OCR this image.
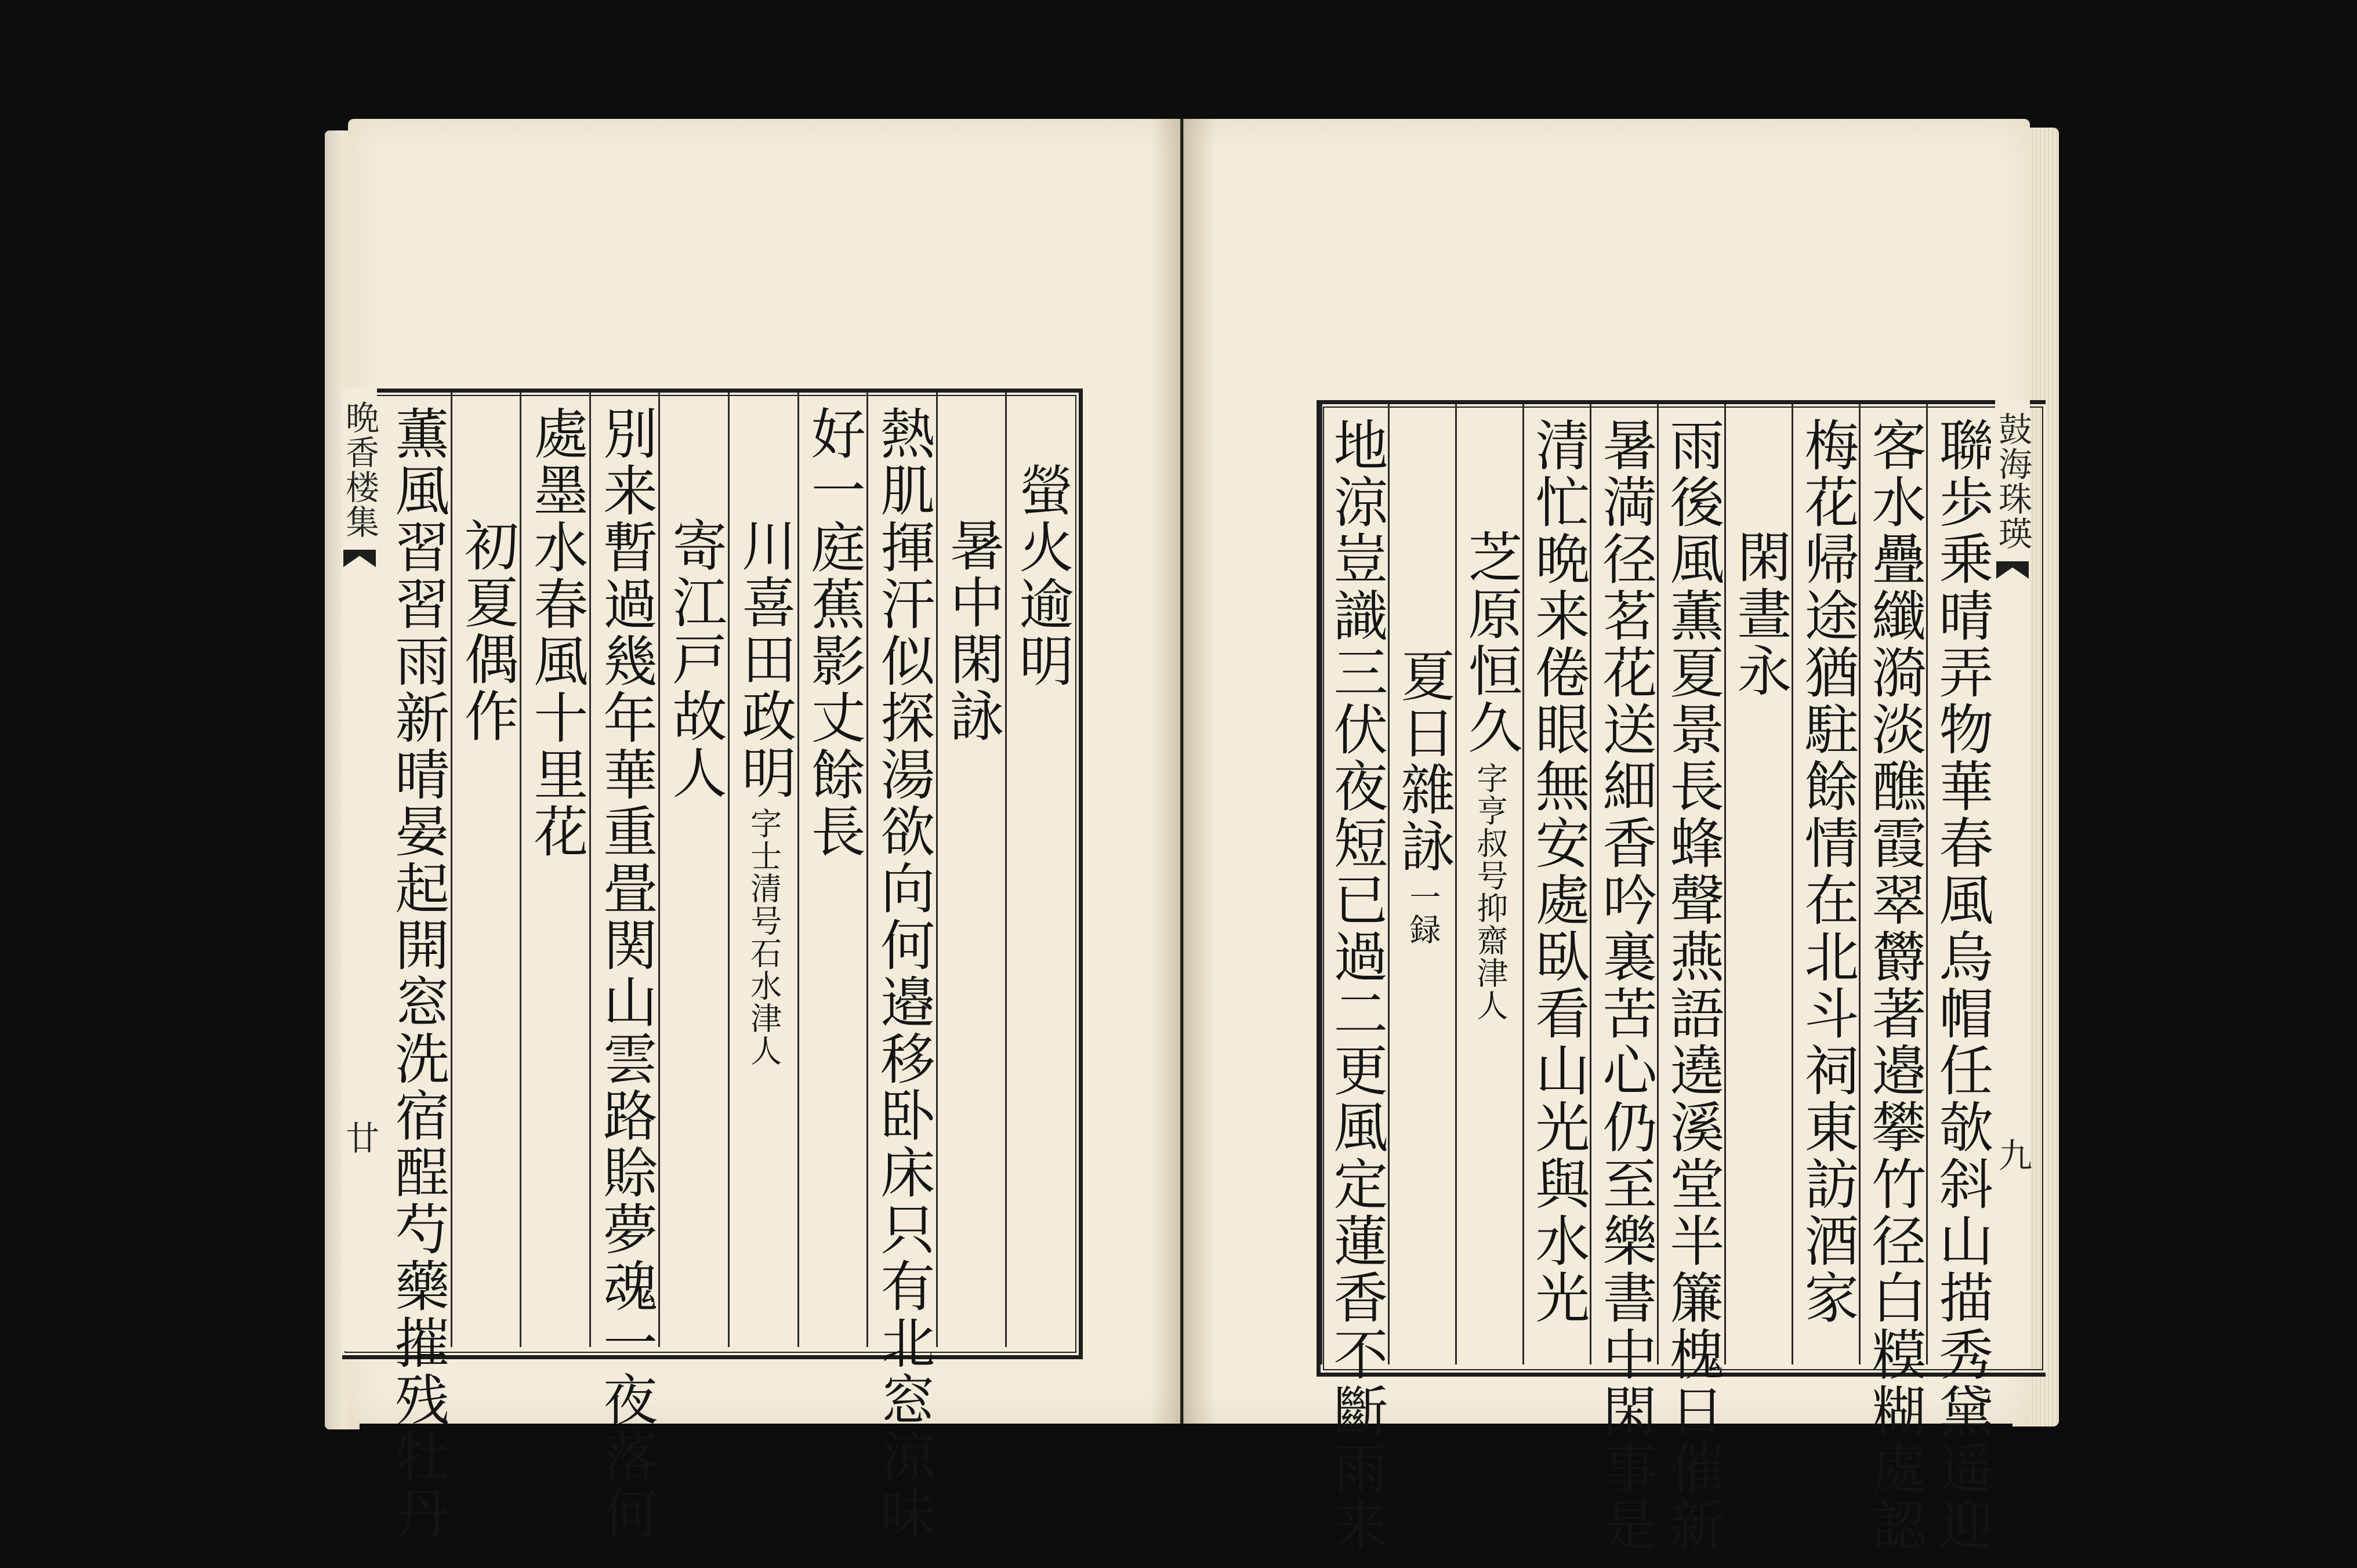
晩香楼集
廿
螢火逾明
暑中閑詠
熱肌揮汗似探湯欲向何邉移卧床只有北窓涼味
好一庭蕉影丈餘長
川喜田政明字士清号石水津人
寄江戸故人
別来暫過幾年華重畳関山雲路賒夢魂一夜落何
處墨水春風十里花
初夏偶作
薫風習習雨新晴晏起開窓洗宿酲芍藥摧残牡丹	鼓海珠瑛
九
聯歩乗晴弄物華春風烏帽任欹斜山描秀黛遥迎
客水疊纖漪淡醮霞翠欝著邉攀竹径白糢糊處認
梅花帰途猶駐餘情在北斗祠東訪酒家
閑晝永
雨後風薫夏景長蜂聲燕語遶溪堂半簾槐日催新
暑満径茗花送細香吟裏苦心仍至樂書中閑事是
清忙晩来倦眼無安處臥看山光與水光
芝原恒久字亨叔号抑齋津人
夏日雜詠一録
地涼豈識三伏夜短已過二更風定蓮香不斷雨来
